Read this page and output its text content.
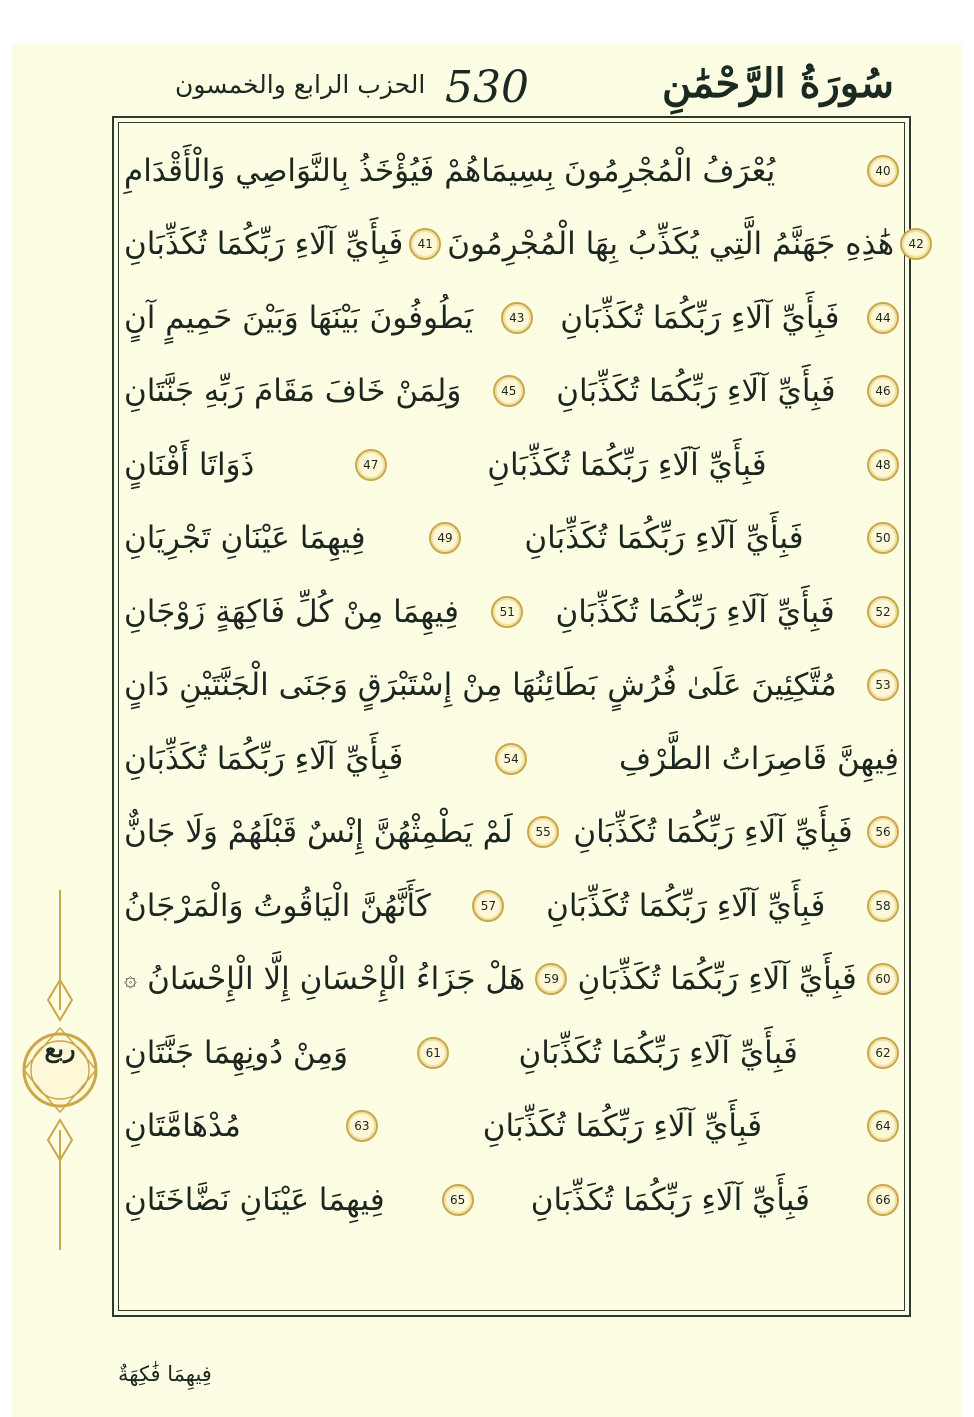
سُورَةُ الرَّحْمَٰنِ
530
الحزب الرابع والخمسون
يُعْرَفُ الْمُجْرِمُونَ بِسِيمَاهُمْ فَيُؤْخَذُ بِالنَّوَاصِي وَالْأَقْدَامِ	40
فَبِأَيِّ آلَاءِ رَبِّكُمَا تُكَذِّبَانِ	41 هَٰذِهِ جَهَنَّمُ الَّتِي يُكَذِّبُ بِهَا الْمُجْرِمُونَ	42
يَطُوفُونَ بَيْنَهَا وَبَيْنَ حَمِيمٍ آنٍ	43 فَبِأَيِّ آلَاءِ رَبِّكُمَا تُكَذِّبَانِ	44
وَلِمَنْ خَافَ مَقَامَ رَبِّهِ جَنَّتَانِ	45 فَبِأَيِّ آلَاءِ رَبِّكُمَا تُكَذِّبَانِ	46
ذَوَاتَا أَفْنَانٍ	47	فَبِأَيِّ آلَاءِ رَبِّكُمَا تُكَذِّبَانِ	48
فِيهِمَا عَيْنَانِ تَجْرِيَانِ	49 فَبِأَيِّ آلَاءِ رَبِّكُمَا تُكَذِّبَانِ	50
فِيهِمَا مِنْ كُلِّ فَاكِهَةٍ زَوْجَانِ	51 فَبِأَيِّ آلَاءِ رَبِّكُمَا تُكَذِّبَانِ	52
مُتَّكِئِينَ عَلَىٰ فُرُشٍ بَطَائِنُهَا مِنْ إِسْتَبْرَقٍ وَجَنَى الْجَنَّتَيْنِ دَانٍ	53
فَبِأَيِّ آلَاءِ رَبِّكُمَا تُكَذِّبَانِ	54	فِيهِنَّ قَاصِرَاتُ الطَّرْفِ
لَمْ يَطْمِثْهُنَّ إِنْسٌ قَبْلَهُمْ وَلَا جَانٌّ	55 فَبِأَيِّ آلَاءِ رَبِّكُمَا تُكَذِّبَانِ	56
كَأَنَّهُنَّ الْيَاقُوتُ وَالْمَرْجَانُ	57 فَبِأَيِّ آلَاءِ رَبِّكُمَا تُكَذِّبَانِ	58
۞ هَلْ جَزَاءُ الْإِحْسَانِ إِلَّا الْإِحْسَانُ	59 فَبِأَيِّ آلَاءِ رَبِّكُمَا تُكَذِّبَانِ	60
وَمِنْ دُونِهِمَا جَنَّتَانِ	61	فَبِأَيِّ آلَاءِ رَبِّكُمَا تُكَذِّبَانِ	62
مُدْهَامَّتَانِ	63	فَبِأَيِّ آلَاءِ رَبِّكُمَا تُكَذِّبَانِ	64
فِيهِمَا عَيْنَانِ نَضَّاخَتَانِ	65 فَبِأَيِّ آلَاءِ رَبِّكُمَا تُكَذِّبَانِ	66
ربع
فِيهِمَا فَٰكِهَةٌ
